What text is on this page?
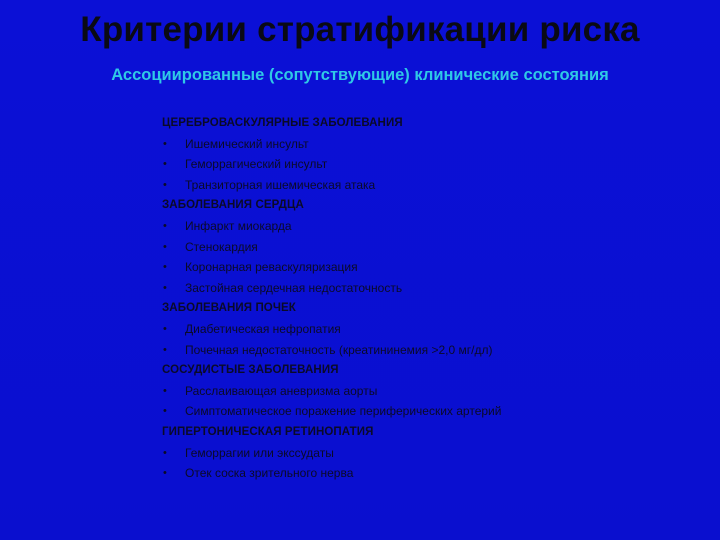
Критерии стратификации риска
Ассоциированные (сопутствующие) клинические состояния
ЦЕРЕБРОВАСКУЛЯРНЫЕ ЗАБОЛЕВАНИЯ
• Ишемический инсульт
• Геморрагический инсульт
• Транзиторная ишемическая атака
ЗАБОЛЕВАНИЯ СЕРДЦА
• Инфаркт миокарда
• Стенокардия
• Коронарная реваскуляризация
• Застойная сердечная недостаточность
ЗАБОЛЕВАНИЯ ПОЧЕК
• Диабетическая нефропатия
• Почечная недостаточность (креатининемия >2,0 мг/дл)
СОСУДИСТЫЕ ЗАБОЛЕВАНИЯ
• Расслаивающая аневризма аорты
• Симптоматическое поражение периферических артерий
ГИПЕРТОНИЧЕСКАЯ РЕТИНОПАТИЯ
• Геморрагии или экссудаты
• Отек соска зрительного нерва
